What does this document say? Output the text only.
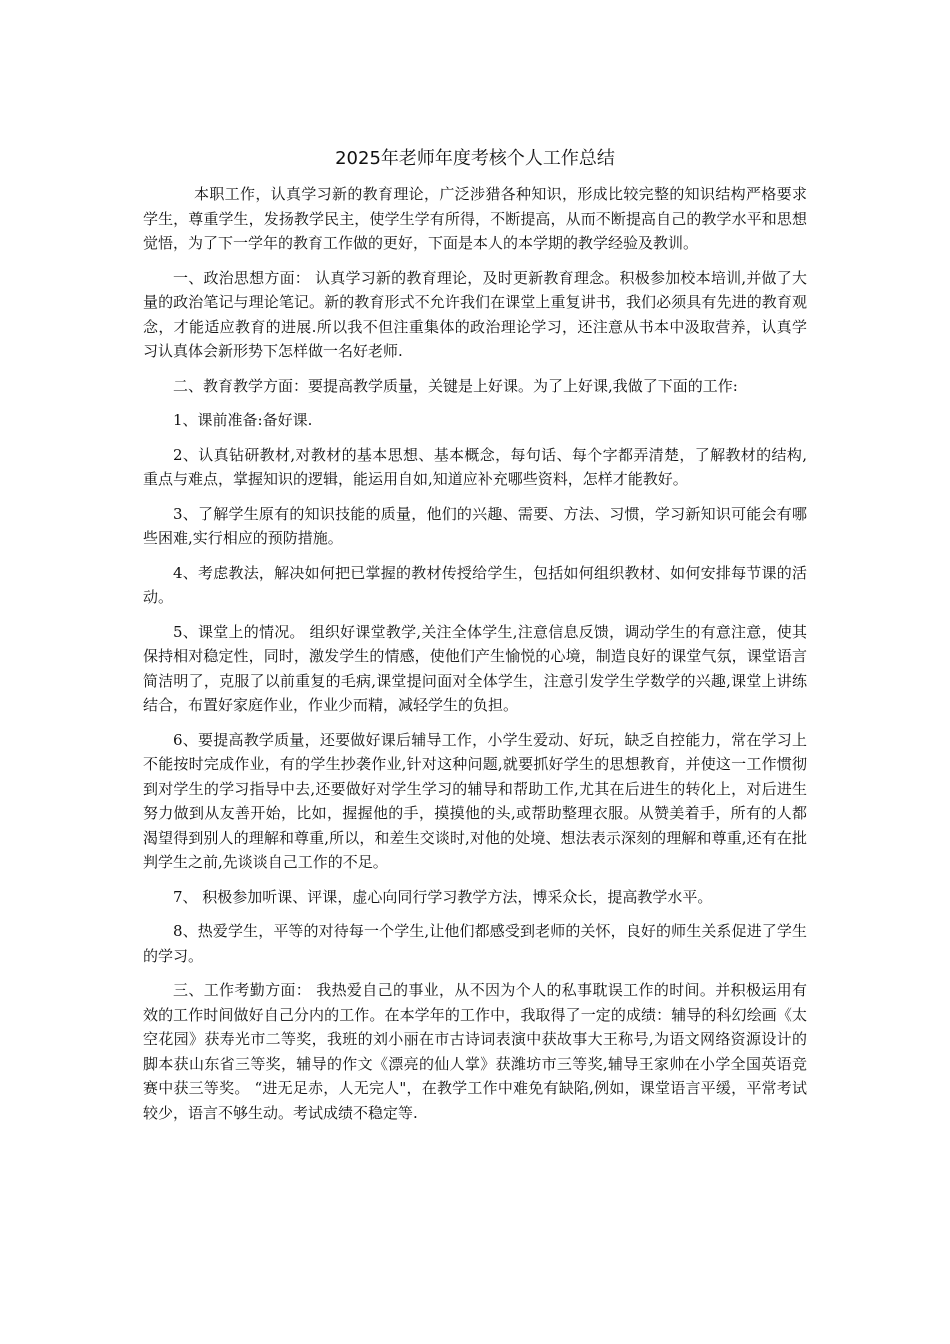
2025年老师年度考核个人工作总结

本职工作，认真学习新的教育理论，广泛涉猎各种知识，形成比较完整的知识结构严格要求学生，尊重学生，发扬教学民主，使学生学有所得，不断提高，从而不断提高自己的教学水平和思想觉悟，为了下一学年的教育工作做的更好，下面是本人的本学期的教学经验及教训。

一、政治思想方面： 认真学习新的教育理论，及时更新教育理念。积极参加校本培训,并做了大量的政治笔记与理论笔记。新的教育形式不允许我们在课堂上重复讲书，我们必须具有先进的教育观念，才能适应教育的进展.所以我不但注重集体的政治理论学习，还注意从书本中汲取营养，认真学习认真体会新形势下怎样做一名好老师.

二、教育教学方面：要提高教学质量，关键是上好课。为了上好课,我做了下面的工作:

1、课前准备:备好课.

2、认真钻研教材,对教材的基本思想、基本概念，每句话、每个字都弄清楚，了解教材的结构,重点与难点，掌握知识的逻辑，能运用自如,知道应补充哪些资料，怎样才能教好。

3、了解学生原有的知识技能的质量，他们的兴趣、需要、方法、习惯，学习新知识可能会有哪些困难,实行相应的预防措施。

4、考虑教法，解决如何把已掌握的教材传授给学生，包括如何组织教材、如何安排每节课的活动。

5、课堂上的情况。 组织好课堂教学,关注全体学生,注意信息反馈，调动学生的有意注意，使其保持相对稳定性，同时，激发学生的情感，使他们产生愉悦的心境，制造良好的课堂气氛，课堂语言简洁明了，克服了以前重复的毛病,课堂提问面对全体学生，注意引发学生学数学的兴趣,课堂上讲练结合，布置好家庭作业，作业少而精，减轻学生的负担。

6、要提高教学质量，还要做好课后辅导工作，小学生爱动、好玩，缺乏自控能力，常在学习上不能按时完成作业，有的学生抄袭作业,针对这种问题,就要抓好学生的思想教育，并使这一工作惯彻到对学生的学习指导中去,还要做好对学生学习的辅导和帮助工作,尤其在后进生的转化上，对后进生努力做到从友善开始，比如，握握他的手，摸摸他的头,或帮助整理衣服。从赞美着手，所有的人都渴望得到别人的理解和尊重,所以，和差生交谈时,对他的处境、想法表示深刻的理解和尊重,还有在批判学生之前,先谈谈自己工作的不足。

7、 积极参加听课、评课，虚心向同行学习教学方法，博采众长，提高教学水平。

8、热爱学生，平等的对待每一个学生,让他们都感受到老师的关怀，良好的师生关系促进了学生的学习。

三、工作考勤方面： 我热爱自己的事业，从不因为个人的私事耽误工作的时间。并积极运用有效的工作时间做好自己分内的工作。在本学年的工作中，我取得了一定的成绩：辅导的科幻绘画《太空花园》获寿光市二等奖，我班的刘小丽在市古诗词表演中获故事大王称号,为语文网络资源设计的脚本获山东省三等奖，辅导的作文《漂亮的仙人掌》获潍坊市三等奖,辅导王家帅在小学全国英语竞赛中获三等奖。 “进无足赤，人无完人"，在教学工作中难免有缺陷,例如，课堂语言平缓，平常考试较少，语言不够生动。考试成绩不稳定等.
